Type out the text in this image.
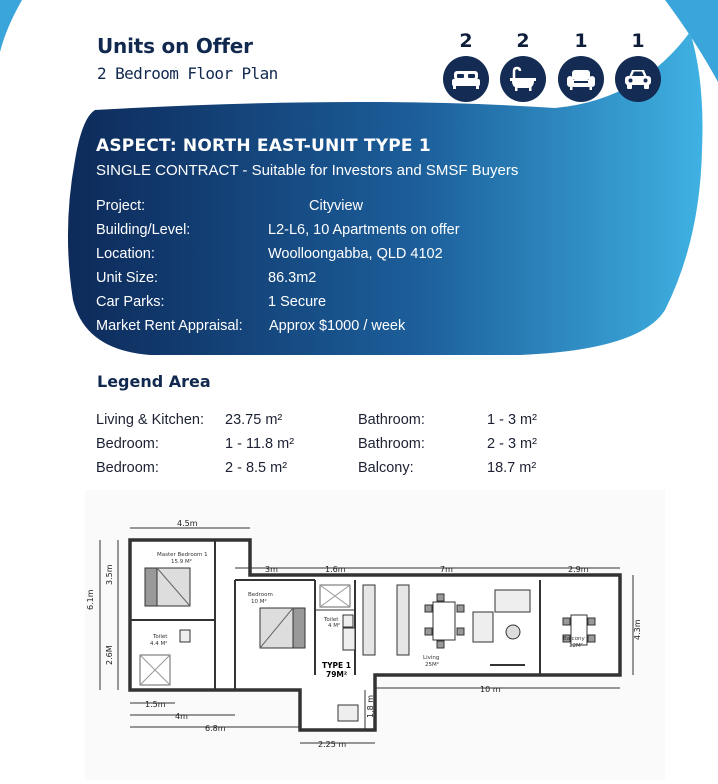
Units on Offer
2 Bedroom Floor Plan
2	2	1	1
ASPECT: NORTH EAST-UNIT TYPE 1
SINGLE CONTRACT - Suitable for Investors and SMSF Buyers
Project:	Cityview
Building/Level:	L2-L6, 10 Apartments on offer
Location:	Woolloongabba, QLD 4102
Unit Size:	86.3m2
Car Parks:	1 Secure
Market Rent Appraisal: Approx $1000 / week
Legend Area
Living & Kitchen: 23.75 m²	Bathroom:	1 - 3 m²
Bedroom:	1 - 11.8 m²	Bathroom:	2 - 3 m²
Bedroom:	2 - 8.5 m²	Balcony:	18.7 m²
4.5m
6.1m
3.5m
2.6M
3m	1.6m	7m	2.9m
4.3m
10 m
1.5m
4m
6.8m
1.8 m
2.25 m
Master Bedroom 1
15.9 M²
Bedroom
10 M²
Toilet
4.4 M²
Toilet
4 M²
Living
25M²
Balcony
12M²
TYPE 1
79M²
